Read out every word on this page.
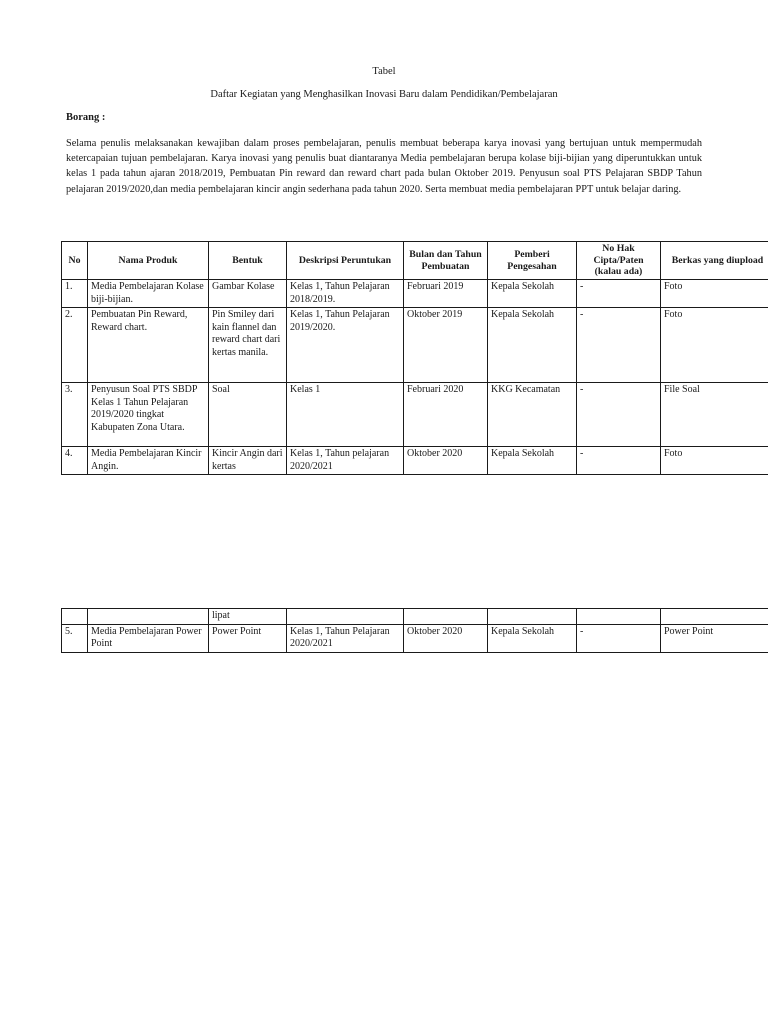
Tabel
Daftar Kegiatan yang Menghasilkan Inovasi Baru dalam Pendidikan/Pembelajaran
Borang :

Selama penulis melaksanakan kewajiban dalam proses pembelajaran, penulis membuat beberapa karya inovasi yang bertujuan untuk mempermudah ketercapaian tujuan pembelajaran. Karya inovasi yang penulis buat diantaranya Media pembelajaran berupa kolase biji-bijian yang diperuntukkan untuk kelas 1 pada tahun ajaran 2018/2019, Pembuatan Pin reward dan reward chart pada bulan Oktober 2019. Penyusun soal PTS Pelajaran SBDP Tahun pelajaran 2019/2020,dan media pembelajaran kincir angin sederhana pada tahun 2020. Serta membuat media pembelajaran PPT untuk belajar daring.

No	Nama Produk	Bentuk	Deskripsi Peruntukan	Bulan dan Tahun Pembuatan	Pemberi Pengesahan	No Hak Cipta/Paten (kalau ada)	Berkas yang diupload
1.	Media Pembelajaran Kolase biji-bijian.	Gambar Kolase	Kelas 1, Tahun Pelajaran 2018/2019.	Februari 2019	Kepala Sekolah	-	Foto
2.	Pembuatan Pin Reward, Reward chart.	Pin Smiley dari kain flannel dan reward chart dari kertas manila.	Kelas 1, Tahun Pelajaran 2019/2020.	Oktober 2019	Kepala Sekolah	-	Foto
3.	Penyusun Soal PTS SBDP Kelas 1 Tahun Pelajaran 2019/2020 tingkat Kabupaten Zona Utara.	Soal	Kelas 1	Februari 2020	KKG Kecamatan	-	File Soal
4.	Media Pembelajaran Kincir Angin.	Kincir Angin dari kertas	Kelas 1, Tahun pelajaran 2020/2021	Oktober 2020	Kepala Sekolah	-	Foto
		lipat					
5.	Media Pembelajaran Power Point	Power Point	Kelas 1, Tahun Pelajaran 2020/2021	Oktober 2020	Kepala Sekolah	-	Power Point
